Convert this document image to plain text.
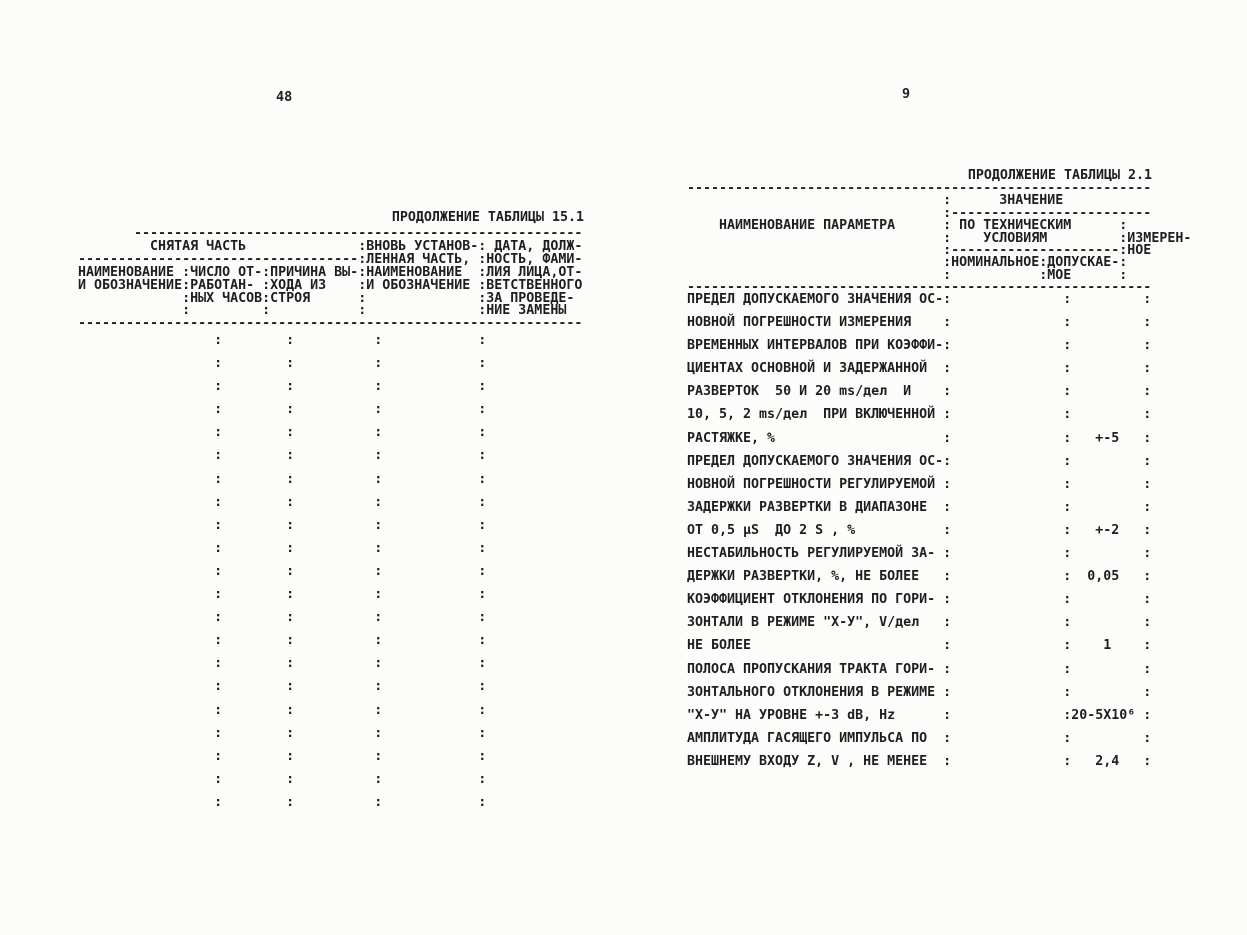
48
ПРОДОЛЖЕНИЕ ТАБЛИЦЫ 15.1
--------------------------------------------------------
СНЯТАЯ ЧАСТЬ              :ВНОВЬ УСТАНОВ-: ДАТА, ДОЛЖ-
-----------------------------------:ЛЕННАЯ ЧАСТЬ, :НОСТЬ, ФАМИ-
НАИМЕНОВАНИЕ :ЧИСЛО ОТ-:ПРИЧИНА ВЫ-:НАИМЕНОВАНИЕ  :ЛИЯ ЛИЦА,ОТ-
И ОБОЗНАЧЕНИЕ:РАБОТАН- :ХОДА ИЗ    :И ОБОЗНАЧЕНИЕ :ВЕТСТВЕННОГО
:НЫХ ЧАСОВ:СТРОЯ      :              :ЗА ПРОВЕДЕ-
:         :           :              :НИЕ ЗАМЕНЫ
---------------------------------------------------------------
:        :          :            :
:        :          :            :
:        :          :            :
:        :          :            :
:        :          :            :
:        :          :            :
:        :          :            :
:        :          :            :
:        :          :            :
:        :          :            :
:        :          :            :
:        :          :            :
:        :          :            :
:        :          :            :
:        :          :            :
:        :          :            :
:        :          :            :
:        :          :            :
:        :          :            :
:        :          :            :
:        :          :            :
9
ПРОДОЛЖЕНИЕ ТАБЛИЦЫ 2.1
----------------------------------------------------------
:      ЗНАЧЕНИЕ
:-------------------------
НАИМЕНОВАНИЕ ПАРАМЕТРА      : ПО ТЕХНИЧЕСКИМ      :
:    УСЛОВИЯМ         :ИЗМЕРЕН-
:---------------------:НОЕ
:НОМИНАЛЬНОЕ:ДОПУСКАЕ-:
:           :МОЕ      :
----------------------------------------------------------
ПРЕДЕЛ ДОПУСКАЕМОГО ЗНАЧЕНИЯ ОС-:              :         :
НОВНОЙ ПОГРЕШНОСТИ ИЗМЕРЕНИЯ    :              :         :
ВРЕМЕННЫХ ИНТЕРВАЛОВ ПРИ КОЭФФИ-:              :         :
ЦИЕНТАХ ОСНОВНОЙ И ЗАДЕРЖАННОЙ  :              :         :
РАЗВЕРТОК  50 И 20 ms/дел  И    :              :         :
10, 5, 2 ms/дел  ПРИ ВКЛЮЧЕННОЙ :              :         :
РАСТЯЖКЕ, %                     :              :   +-5   :
ПРЕДЕЛ ДОПУСКАЕМОГО ЗНАЧЕНИЯ ОС-:              :         :
НОВНОЙ ПОГРЕШНОСТИ РЕГУЛИРУЕМОЙ :              :         :
ЗАДЕРЖКИ РАЗВЕРТКИ В ДИАПАЗОНЕ  :              :         :
ОТ 0,5 µS  ДО 2 S , %           :              :   +-2   :
НЕСТАБИЛЬНОСТЬ РЕГУЛИРУЕМОЙ ЗА- :              :         :
ДЕРЖКИ РАЗВЕРТКИ, %, НЕ БОЛЕЕ   :              :  0,05   :
КОЭФФИЦИЕНТ ОТКЛОНЕНИЯ ПО ГОРИ- :              :         :
ЗОНТАЛИ В РЕЖИМЕ "Х-У", V/дел   :              :         :
НЕ БОЛЕЕ                        :              :    1    :
ПОЛОСА ПРОПУСКАНИЯ ТРАКТА ГОРИ- :              :         :
ЗОНТАЛЬНОГО ОТКЛОНЕНИЯ В РЕЖИМЕ :              :         :
"Х-У" НА УРОВНЕ +-3 dB, Hz      :              :20-5X10⁶ :
АМПЛИТУДА ГАСЯЩЕГО ИМПУЛЬСА ПО  :              :         :
ВНЕШНЕМУ ВХОДУ Z, V , НЕ МЕНЕЕ  :              :   2,4   :
